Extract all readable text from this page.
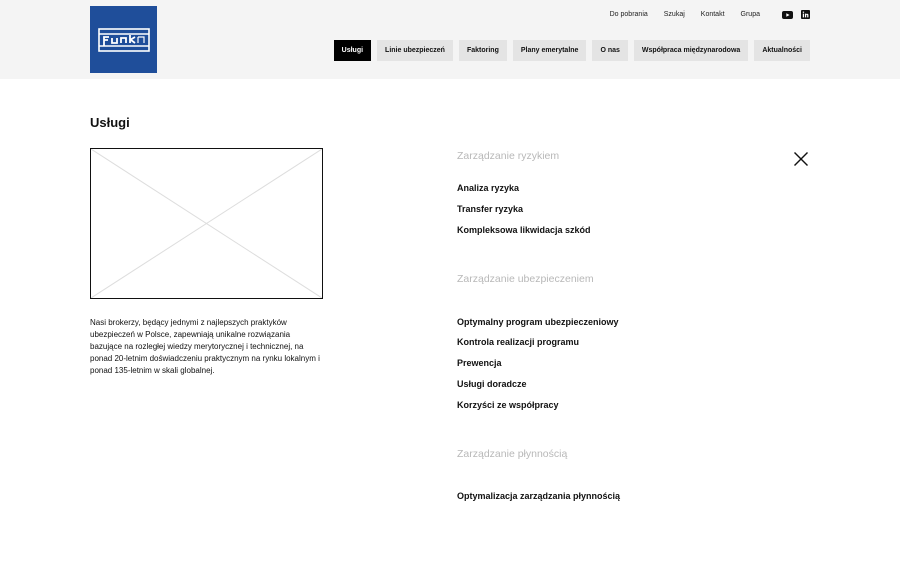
Do pobrania Szukaj Kontakt Grupa
Usługi	Linie ubezpieczeń	Faktoring	Plany emerytalne	O nas	Współpraca międzynarodowa	Aktualności
Usługi

Nasi brokerzy, będący jednymi z najlepszych praktyków ubezpieczeń w Polsce, zapewniają unikalne rozwiązania bazujące na rozległej wiedzy merytorycznej i technicznej, na ponad 20-letnim doświadczeniu praktycznym na rynku lokalnym i ponad 135-letnim w skali globalnej.

Zarządzanie ryzykiem
Analiza ryzyka
Transfer ryzyka
Kompleksowa likwidacja szkód
Zarządzanie ubezpieczeniem
Optymalny program ubezpieczeniowy
Kontrola realizacji programu
Prewencja
Usługi doradcze
Korzyści ze współpracy
Zarządzanie płynnością
Optymalizacja zarządzania płynnością
